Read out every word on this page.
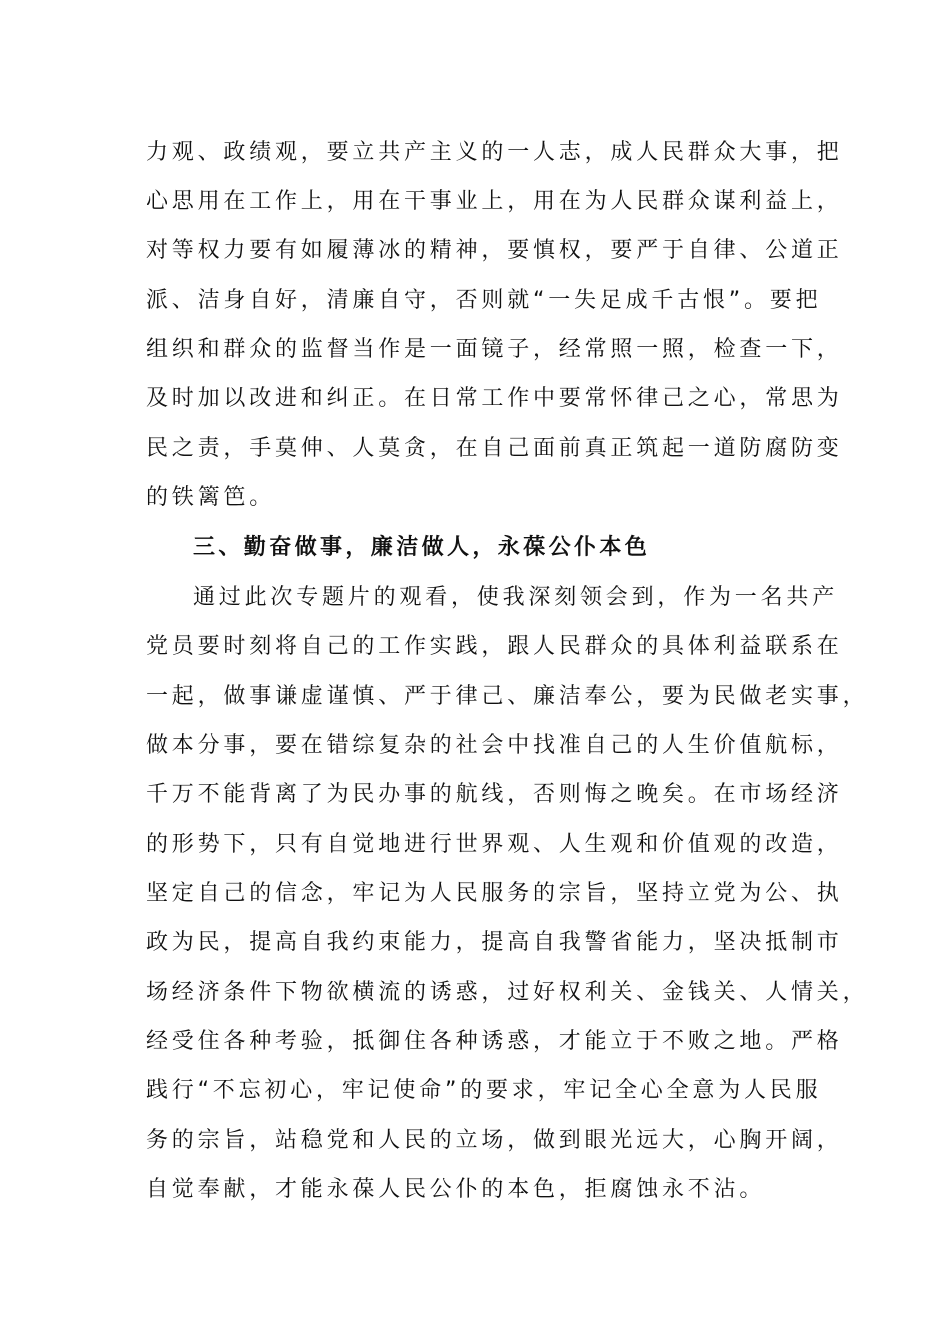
力观、政绩观，要立共产主义的一人志，成人民群众大事，把
心思用在工作上，用在干事业上，用在为人民群众谋利益上，
对等权力要有如履薄冰的精神，要慎权，要严于自律、公道正
派、洁身自好，清廉自守，否则就“一失足成千古恨”。要把
组织和群众的监督当作是一面镜子，经常照一照，检查一下，
及时加以改进和纠正。在日常工作中要常怀律己之心，常思为
民之责，手莫伸、人莫贪，在自己面前真正筑起一道防腐防变
的铁篱笆。
三、勤奋做事，廉洁做人，永葆公仆本色
通过此次专题片的观看，使我深刻领会到，作为一名共产
党员要时刻将自己的工作实践，跟人民群众的具体利益联系在
一起，做事谦虚谨慎、严于律己、廉洁奉公，要为民做老实事，
做本分事，要在错综复杂的社会中找准自己的人生价值航标，
千万不能背离了为民办事的航线，否则悔之晚矣。在市场经济
的形势下，只有自觉地进行世界观、人生观和价值观的改造，
坚定自己的信念，牢记为人民服务的宗旨，坚持立党为公、执
政为民，提高自我约束能力，提高自我警省能力，坚决抵制市
场经济条件下物欲横流的诱惑，过好权利关、金钱关、人情关，
经受住各种考验，抵御住各种诱惑，才能立于不败之地。严格
践行“不忘初心，牢记使命”的要求，牢记全心全意为人民服
务的宗旨，站稳党和人民的立场，做到眼光远大，心胸开阔，
自觉奉献，才能永葆人民公仆的本色，拒腐蚀永不沾。
